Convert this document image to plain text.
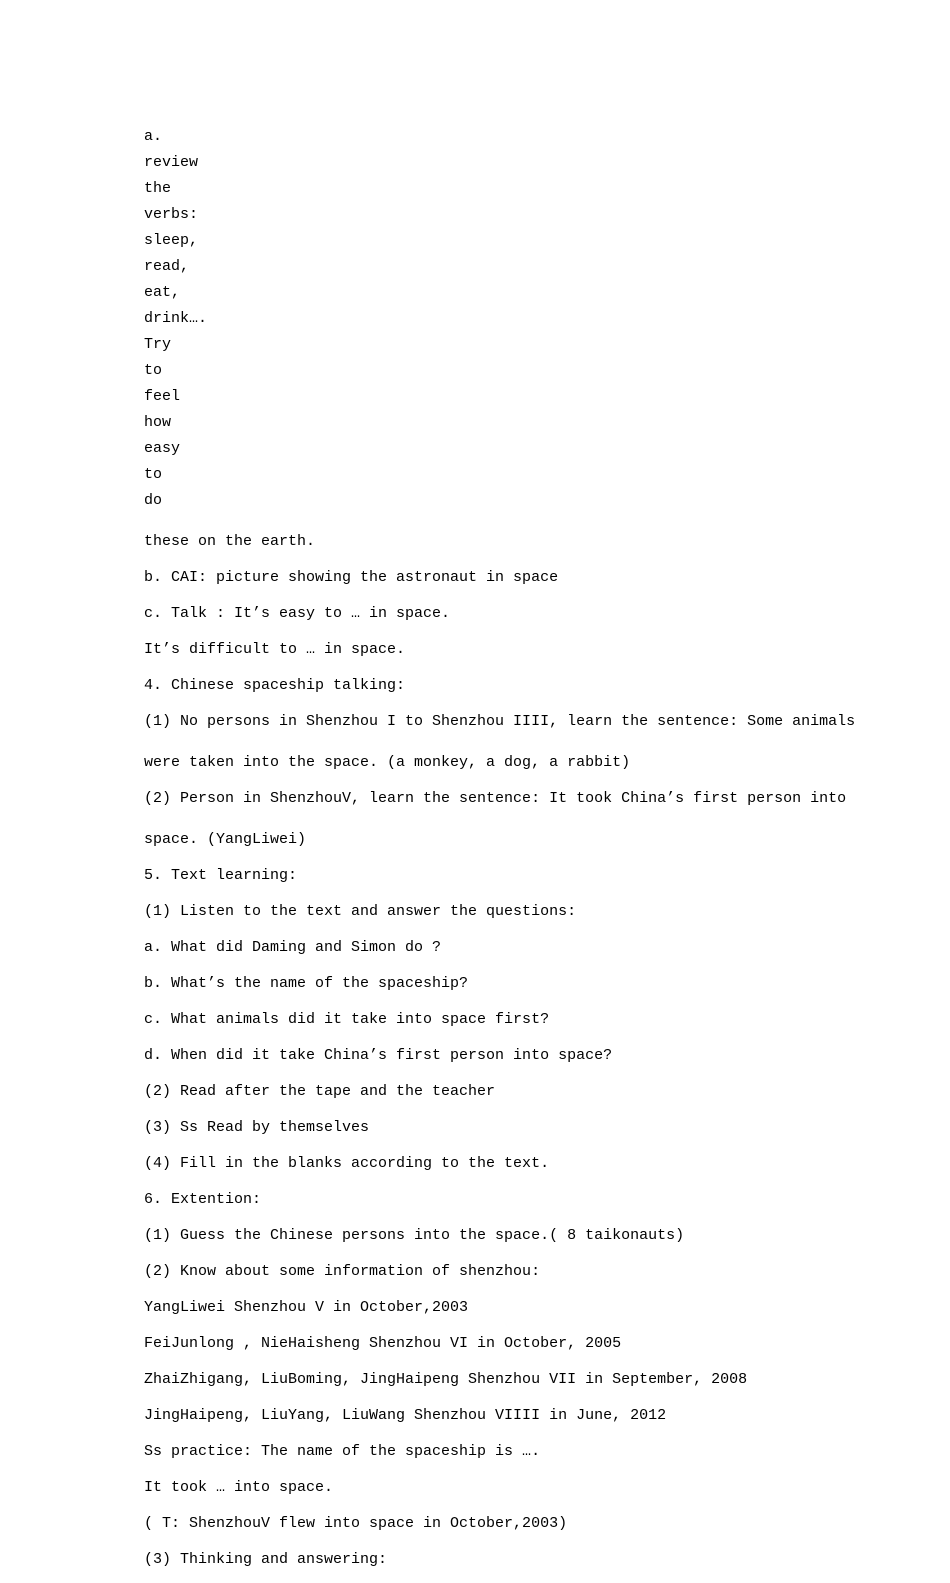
a.
review
the
verbs:
sleep,
read,
eat,
drink….
Try
to
feel
how
easy
to
do
these on the earth.
b. CAI: picture showing the astronaut in space
c. Talk : It’s easy to … in space.
It’s difficult to … in space.
4. Chinese spaceship talking:
(1) No persons in Shenzhou I to Shenzhou IIII, learn the sentence: Some animals
were taken into the space. (a monkey, a dog, a rabbit)
(2) Person in ShenzhouV, learn the sentence: It took China’s first person into
space. (YangLiwei)
5. Text learning:
(1) Listen to the text and answer the questions:
a. What did Daming and Simon do ?
b. What’s the name of the spaceship?
c. What animals did it take into space first?
d. When did it take China’s first person into space?
(2) Read after the tape and the teacher
(3) Ss Read by themselves
(4) Fill in the blanks according to the text.
6. Extention:
(1) Guess the Chinese persons into the space.( 8 taikonauts)
(2) Know about some information of shenzhou:
YangLiwei Shenzhou V in October,2003
FeiJunlong , NieHaisheng Shenzhou VI in October, 2005
ZhaiZhigang, LiuBoming, JingHaipeng Shenzhou VII in September, 2008
JingHaipeng, LiuYang, LiuWang Shenzhou VIIII in June, 2012
Ss practice: The name of the spaceship is ….
It took … into space.
( T: ShenzhouV flew into space in October,2003)
(3) Thinking and answering:
